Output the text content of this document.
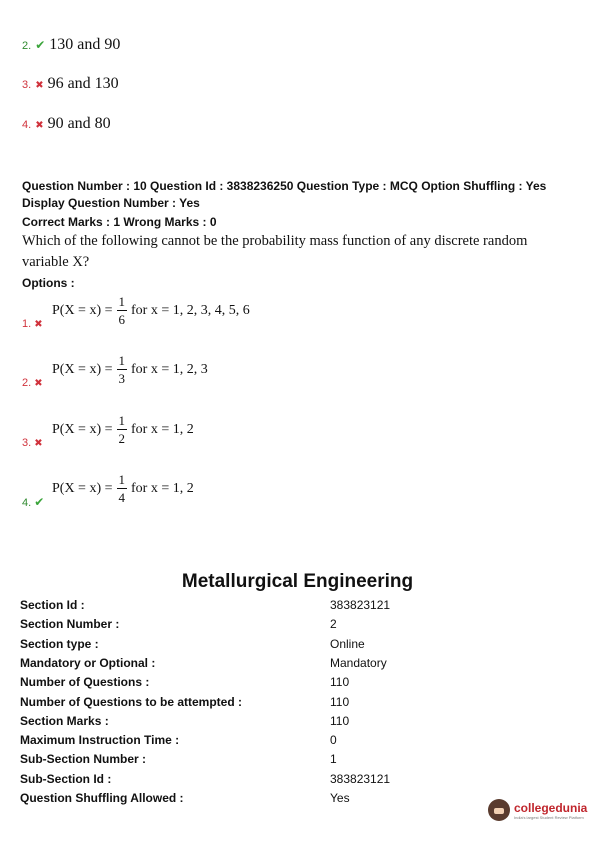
2. ✔ 130 and 90
3. ✖ 96 and 130
4. ✖ 90 and 80
Question Number : 10 Question Id : 3838236250 Question Type : MCQ Option Shuffling : Yes
Display Question Number : Yes
Correct Marks : 1 Wrong Marks : 0
Which of the following cannot be the probability mass function of any discrete random
variable X?
Options :
$P(X = x) = \frac{1}{6}$ for x = 1, 2, 3, 4, 5, 6
1. ✖
$P(X = x) = \frac{1}{3}$ for x = 1, 2, 3
2. ✖
$P(X = x) = \frac{1}{2}$ for x = 1, 2
3. ✖
$P(X = x) = \frac{1}{4}$ for x = 1, 2
4. ✔
Metallurgical Engineering
Section Id :	383823121
Section Number :	2
Section type :	Online
Mandatory or Optional :	Mandatory
Number of Questions :	110
Number of Questions to be attempted :	110
Section Marks :	110
Maximum Instruction Time :	0
Sub-Section Number :	1
Sub-Section Id :	383823121
Question Shuffling Allowed :	Yes
collegedunia
India's largest Student Review Platform
